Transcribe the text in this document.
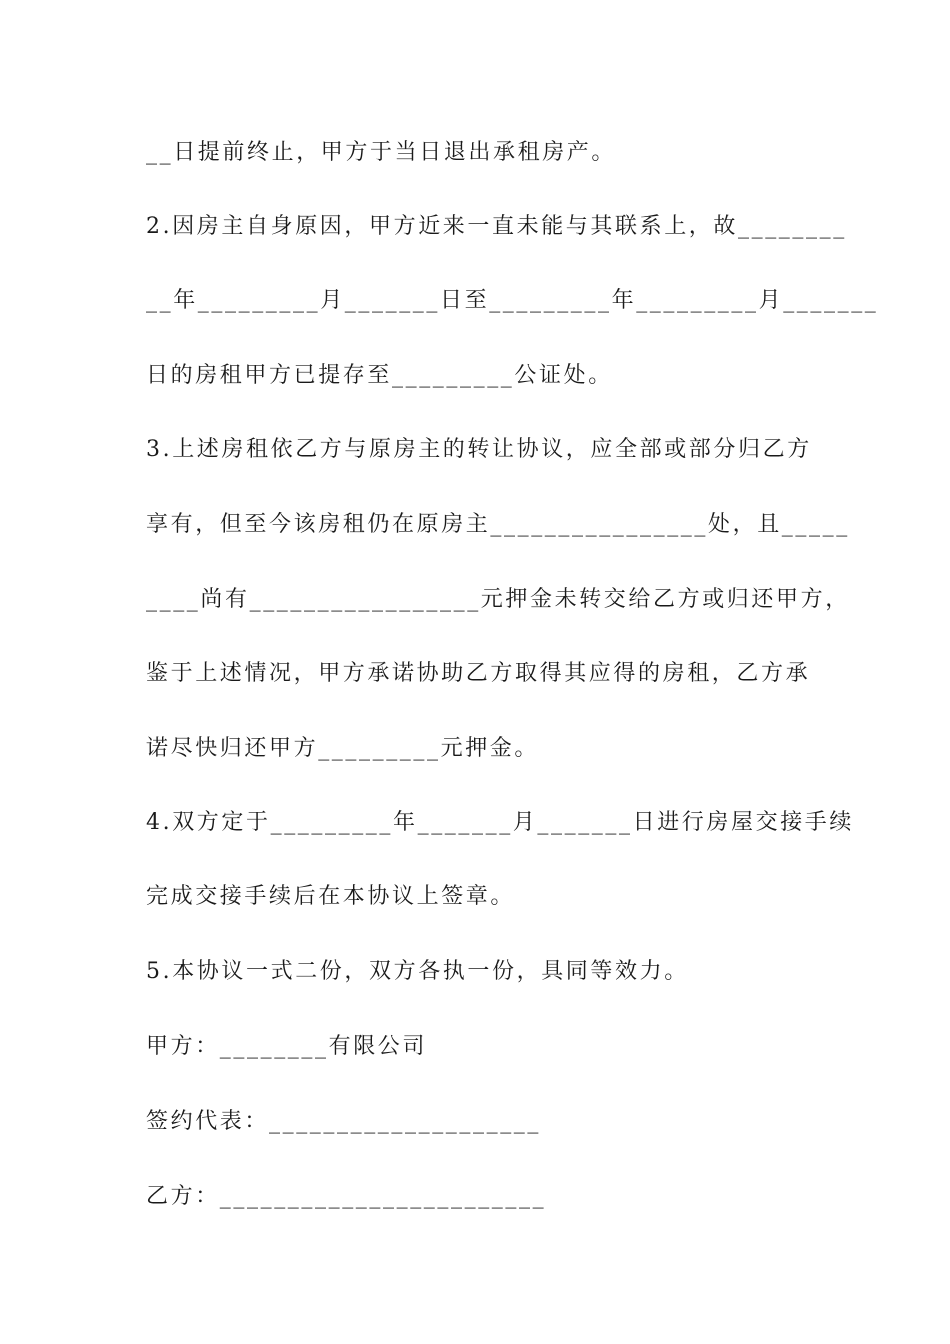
__日提前终止，甲方于当日退出承租房产。
2.因房主自身原因，甲方近来一直未能与其联系上，故________
__年_________月_______日至_________年_________月_______
日的房租甲方已提存至_________公证处。
3.上述房租依乙方与原房主的转让协议，应全部或部分归乙方
享有，但至今该房租仍在原房主________________处，且_____
____尚有_________________元押金未转交给乙方或归还甲方，
鉴于上述情况，甲方承诺协助乙方取得其应得的房租，乙方承
诺尽快归还甲方_________元押金。
4.双方定于_________年_______月_______日进行房屋交接手续
完成交接手续后在本协议上签章。
5.本协议一式二份，双方各执一份，具同等效力。
甲方：________有限公司
签约代表：____________________
乙方：________________________
